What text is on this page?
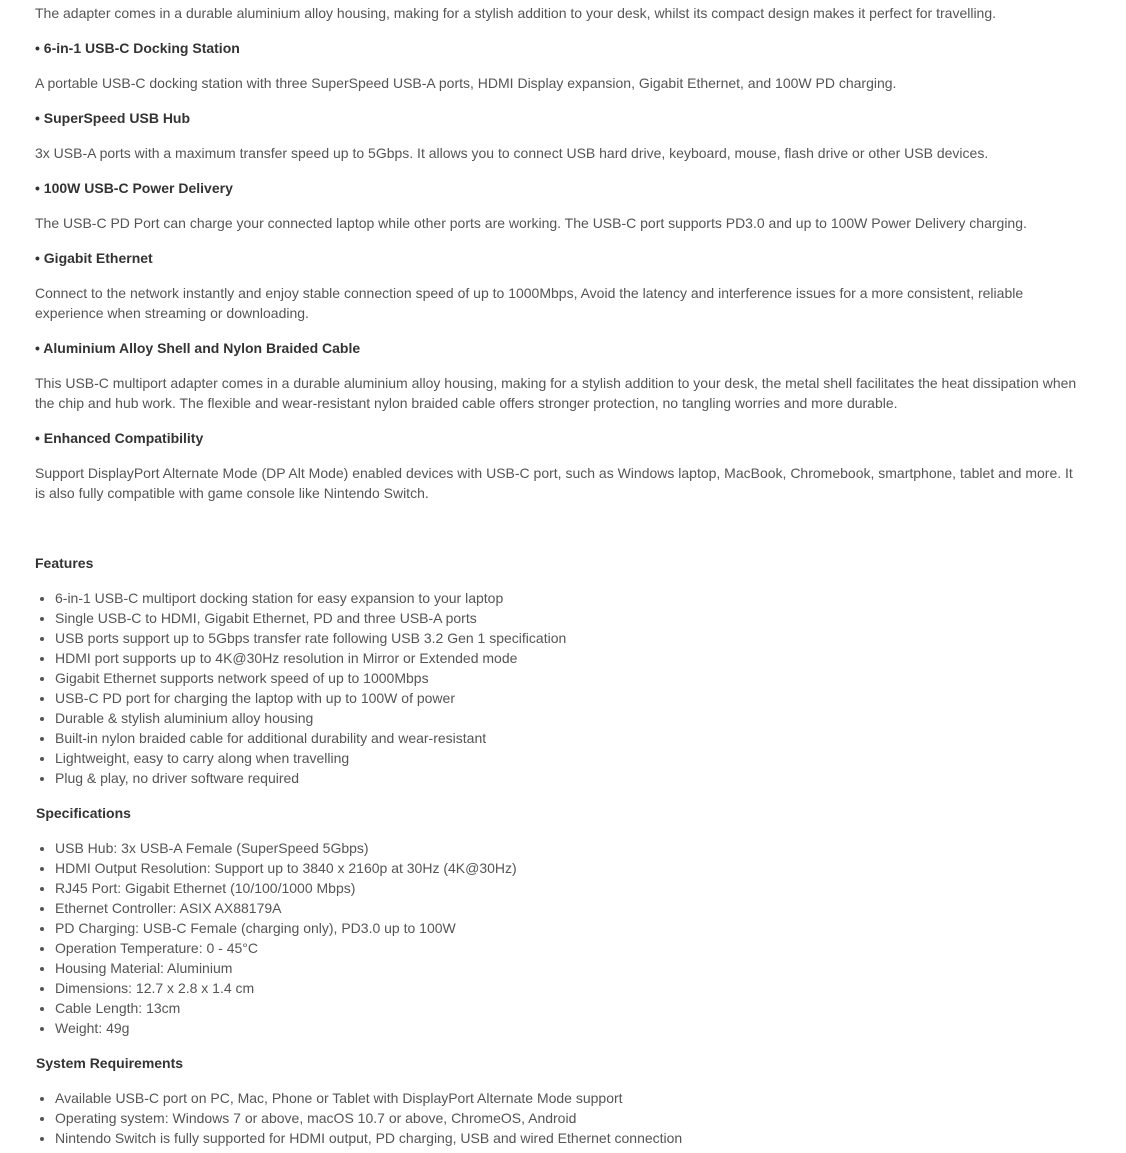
The adapter comes in a durable aluminium alloy housing, making for a stylish addition to your desk, whilst its compact design makes it perfect for travelling.

• 6-in-1 USB-C Docking Station

A portable USB-C docking station with three SuperSpeed USB-A ports, HDMI Display expansion, Gigabit Ethernet, and 100W PD charging.

• SuperSpeed USB Hub

3x USB-A ports with a maximum transfer speed up to 5Gbps. It allows you to connect USB hard drive, keyboard, mouse, flash drive or other USB devices.

• 100W USB-C Power Delivery

The USB-C PD Port can charge your connected laptop while other ports are working. The USB-C port supports PD3.0 and up to 100W Power Delivery charging.

• Gigabit Ethernet

Connect to the network instantly and enjoy stable connection speed of up to 1000Mbps, Avoid the latency and interference issues for a more consistent, reliable experience when streaming or downloading.

• Aluminium Alloy Shell and Nylon Braided Cable

This USB-C multiport adapter comes in a durable aluminium alloy housing, making for a stylish addition to your desk, the metal shell facilitates the heat dissipation when the chip and hub work. The flexible and wear-resistant nylon braided cable offers stronger protection, no tangling worries and more durable.

• Enhanced Compatibility

Support DisplayPort Alternate Mode (DP Alt Mode) enabled devices with USB-C port, such as Windows laptop, MacBook, Chromebook, smartphone, tablet and more. It is also fully compatible with game console like Nintendo Switch.

Features
• 6-in-1 USB-C multiport docking station for easy expansion to your laptop
• Single USB-C to HDMI, Gigabit Ethernet, PD and three USB-A ports
• USB ports support up to 5Gbps transfer rate following USB 3.2 Gen 1 specification
• HDMI port supports up to 4K@30Hz resolution in Mirror or Extended mode
• Gigabit Ethernet supports network speed of up to 1000Mbps
• USB-C PD port for charging the laptop with up to 100W of power
• Durable & stylish aluminium alloy housing
• Built-in nylon braided cable for additional durability and wear-resistant
• Lightweight, easy to carry along when travelling
• Plug & play, no driver software required
Specifications
• USB Hub: 3x USB-A Female (SuperSpeed 5Gbps)
• HDMI Output Resolution: Support up to 3840 x 2160p at 30Hz (4K@30Hz)
• RJ45 Port: Gigabit Ethernet (10/100/1000 Mbps)
• Ethernet Controller: ASIX AX88179A
• PD Charging: USB-C Female (charging only), PD3.0 up to 100W
• Operation Temperature: 0 - 45°C
• Housing Material: Aluminium
• Dimensions: 12.7 x 2.8 x 1.4 cm
• Cable Length: 13cm
• Weight: 49g
System Requirements
• Available USB-C port on PC, Mac, Phone or Tablet with DisplayPort Alternate Mode support
• Operating system: Windows 7 or above, macOS 10.7 or above, ChromeOS, Android
• Nintendo Switch is fully supported for HDMI output, PD charging, USB and wired Ethernet connection
